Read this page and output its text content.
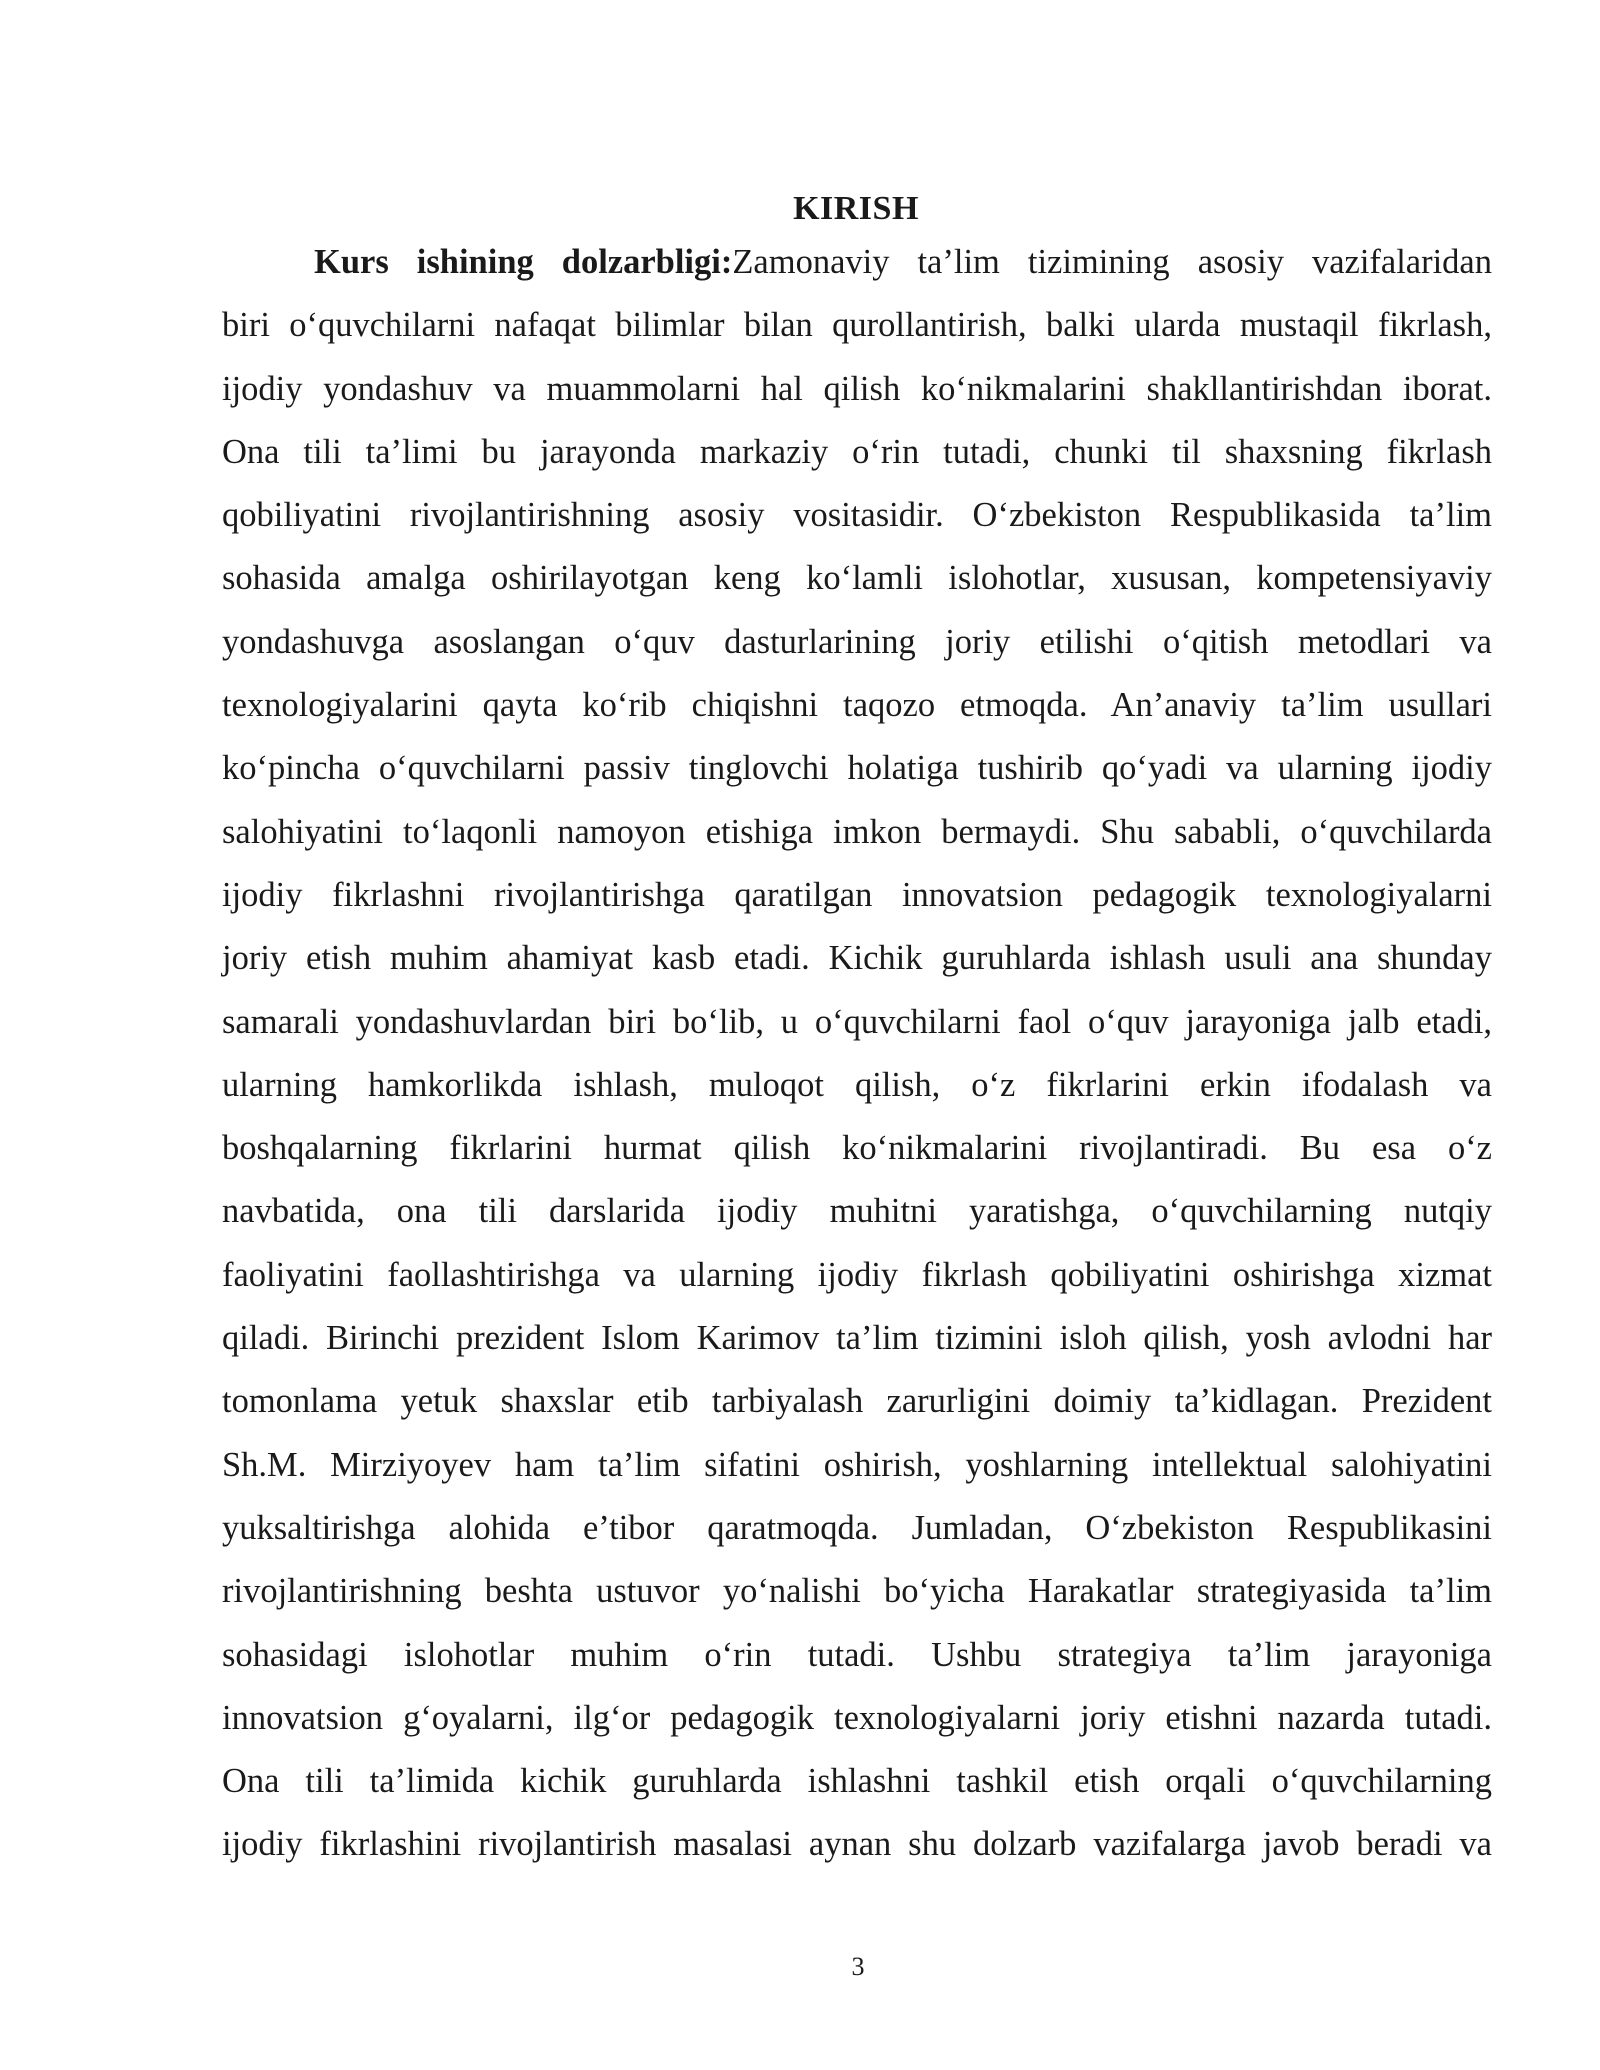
KIRISH
Kurs ishining dolzarbligi:Zamonaviy ta’lim tizimining asosiy vazifalaridan
biri o‘quvchilarni nafaqat bilimlar bilan qurollantirish, balki ularda mustaqil fikrlash,
ijodiy yondashuv va muammolarni hal qilish ko‘nikmalarini shakllantirishdan iborat.
Ona tili ta’limi bu jarayonda markaziy o‘rin tutadi, chunki til shaxsning fikrlash
qobiliyatini rivojlantirishning asosiy vositasidir. O‘zbekiston Respublikasida ta’lim
sohasida amalga oshirilayotgan keng ko‘lamli islohotlar, xususan, kompetensiyaviy
yondashuvga asoslangan o‘quv dasturlarining joriy etilishi o‘qitish metodlari va
texnologiyalarini qayta ko‘rib chiqishni taqozo etmoqda. An’anaviy ta’lim usullari
ko‘pincha o‘quvchilarni passiv tinglovchi holatiga tushirib qo‘yadi va ularning ijodiy
salohiyatini to‘laqonli namoyon etishiga imkon bermaydi. Shu sababli, o‘quvchilarda
ijodiy fikrlashni rivojlantirishga qaratilgan innovatsion pedagogik texnologiyalarni
joriy etish muhim ahamiyat kasb etadi. Kichik guruhlarda ishlash usuli ana shunday
samarali yondashuvlardan biri bo‘lib, u o‘quvchilarni faol o‘quv jarayoniga jalb etadi,
ularning hamkorlikda ishlash, muloqot qilish, o‘z fikrlarini erkin ifodalash va
boshqalarning fikrlarini hurmat qilish ko‘nikmalarini rivojlantiradi. Bu esa o‘z
navbatida, ona tili darslarida ijodiy muhitni yaratishga, o‘quvchilarning nutqiy
faoliyatini faollashtirishga va ularning ijodiy fikrlash qobiliyatini oshirishga xizmat
qiladi. Birinchi prezident Islom Karimov ta’lim tizimini isloh qilish, yosh avlodni har
tomonlama yetuk shaxslar etib tarbiyalash zarurligini doimiy ta’kidlagan. Prezident
Sh.M. Mirziyoyev ham ta’lim sifatini oshirish, yoshlarning intellektual salohiyatini
yuksaltirishga alohida e’tibor qaratmoqda. Jumladan, O‘zbekiston Respublikasini
rivojlantirishning beshta ustuvor yo‘nalishi bo‘yicha Harakatlar strategiyasida ta’lim
sohasidagi islohotlar muhim o‘rin tutadi. Ushbu strategiya ta’lim jarayoniga
innovatsion g‘oyalarni, ilg‘or pedagogik texnologiyalarni joriy etishni nazarda tutadi.
Ona tili ta’limida kichik guruhlarda ishlashni tashkil etish orqali o‘quvchilarning
ijodiy fikrlashini rivojlantirish masalasi aynan shu dolzarb vazifalarga javob beradi va
3
